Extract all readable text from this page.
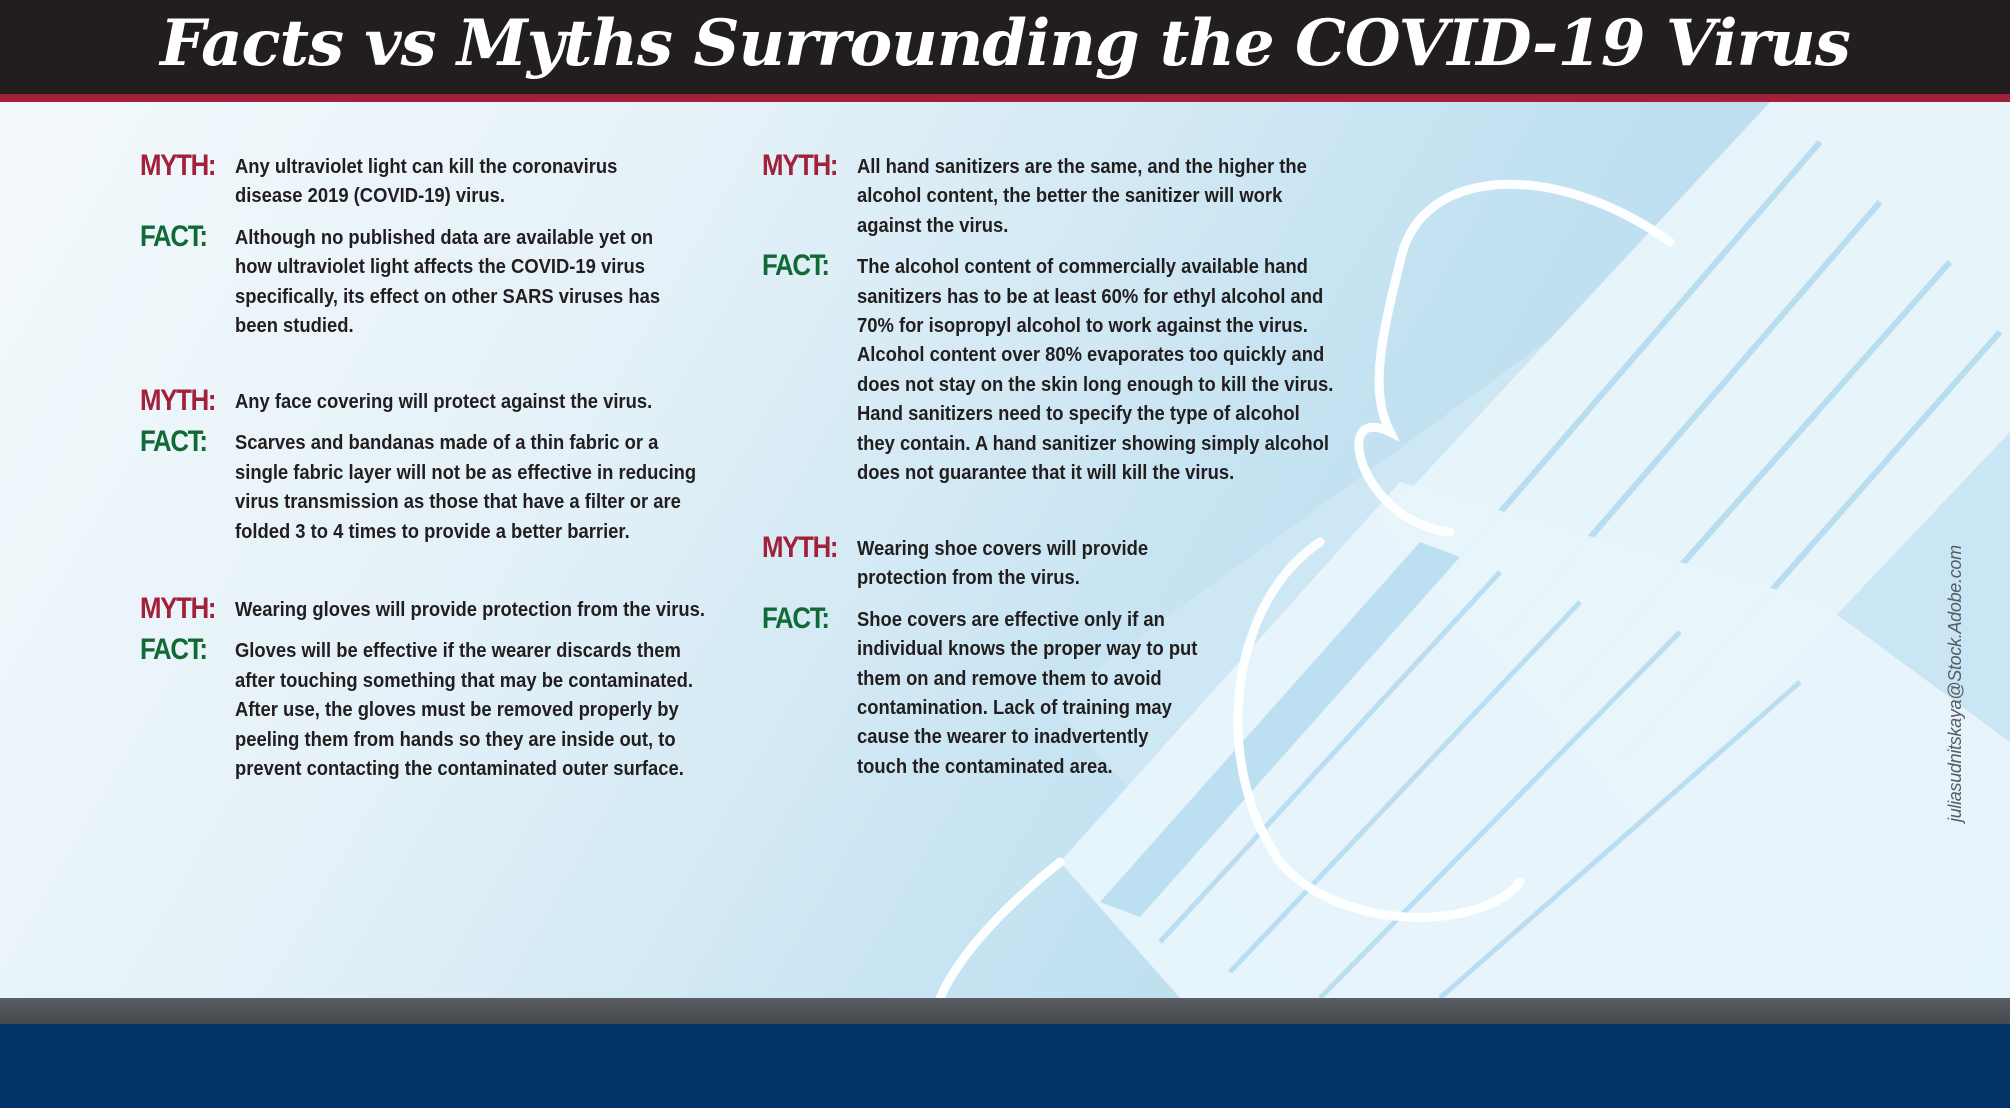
Facts vs Myths Surrounding the COVID-19 Virus
juliasudnitskaya@Stock.Adobe.com
MYTH: Any ultraviolet light can kill the coronavirus
disease 2019 (COVID-19) virus.
FACT: Although no published data are available yet on
how ultraviolet light affects the COVID-19 virus
specifically, its effect on other SARS viruses has
been studied.
MYTH: Any face covering will protect against the virus.
FACT: Scarves and bandanas made of a thin fabric or a
single fabric layer will not be as effective in reducing
virus transmission as those that have a filter or are
folded 3 to 4 times to provide a better barrier.
MYTH: Wearing gloves will provide protection from the virus.
FACT: Gloves will be effective if the wearer discards them
after touching something that may be contaminated.
After use, the gloves must be removed properly by
peeling them from hands so they are inside out, to
prevent contacting the contaminated outer surface.
MYTH: All hand sanitizers are the same, and the higher the
alcohol content, the better the sanitizer will work
against the virus.
FACT: The alcohol content of commercially available hand
sanitizers has to be at least 60% for ethyl alcohol and
70% for isopropyl alcohol to work against the virus.
Alcohol content over 80% evaporates too quickly and
does not stay on the skin long enough to kill the virus.
Hand sanitizers need to specify the type of alcohol
they contain. A hand sanitizer showing simply alcohol
does not guarantee that it will kill the virus.
MYTH: Wearing shoe covers will provide
protection from the virus.
FACT: Shoe covers are effective only if an
individual knows the proper way to put
them on and remove them to avoid
contamination. Lack of training may
cause the wearer to inadvertently
touch the contaminated area.
